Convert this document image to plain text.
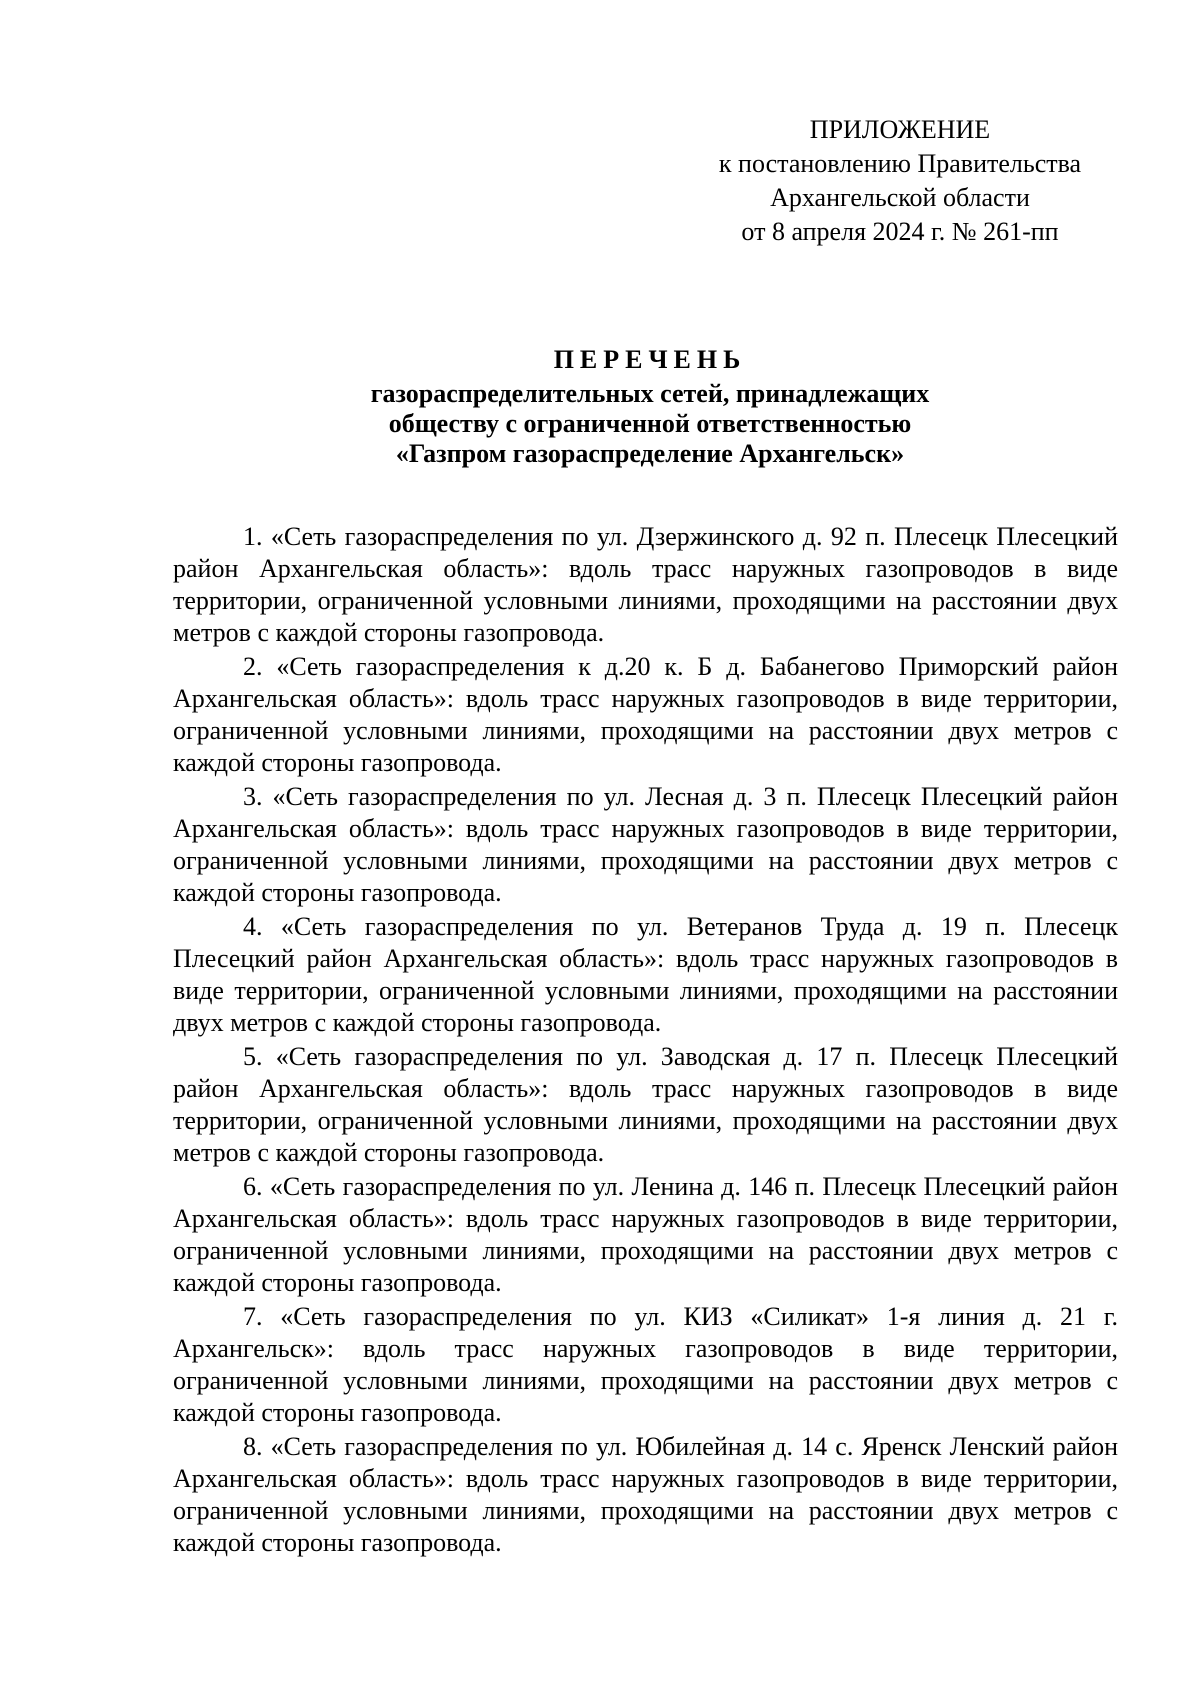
ПРИЛОЖЕНИЕ
к постановлению Правительства
Архангельской области
от 8 апреля 2024 г. № 261-пп
ПЕРЕЧЕНЬ
газораспределительных сетей, принадлежащих
обществу с ограниченной ответственностью
«Газпром газораспределение Архангельск»

1. «Сеть газораспределения по ул. Дзержинского д. 92 п. Плесецк Плесецкий район Архангельская область»: вдоль трасс наружных газопроводов в виде территории, ограниченной условными линиями, проходящими на расстоянии двух метров с каждой стороны газопровода.

2. «Сеть газораспределения к д.20 к. Б д. Бабанегово Приморский район Архангельская область»: вдоль трасс наружных газопроводов в виде территории, ограниченной условными линиями, проходящими на расстоянии двух метров с каждой стороны газопровода.

3. «Сеть газораспределения по ул. Лесная д. 3 п. Плесецк Плесецкий район Архангельская область»: вдоль трасс наружных газопроводов в виде территории, ограниченной условными линиями, проходящими на расстоянии двух метров с каждой стороны газопровода.

4. «Сеть газораспределения по ул. Ветеранов Труда д. 19 п. Плесецк Плесецкий район Архангельская область»: вдоль трасс наружных газопроводов в виде территории, ограниченной условными линиями, проходящими на расстоянии двух метров с каждой стороны газопровода.

5. «Сеть газораспределения по ул. Заводская д. 17 п. Плесецк Плесецкий район Архангельская область»: вдоль трасс наружных газопроводов в виде территории, ограниченной условными линиями, проходящими на расстоянии двух метров с каждой стороны газопровода.

6. «Сеть газораспределения по ул. Ленина д. 146 п. Плесецк Плесецкий район Архангельская область»: вдоль трасс наружных газопроводов в виде территории, ограниченной условными линиями, проходящими на расстоянии двух метров с каждой стороны газопровода.

7. «Сеть газораспределения по ул. КИЗ «Силикат» 1-я линия д. 21 г. Архангельск»: вдоль трасс наружных газопроводов в виде территории, ограниченной условными линиями, проходящими на расстоянии двух метров с каждой стороны газопровода.

8. «Сеть газораспределения по ул. Юбилейная д. 14 с. Яренск Ленский район Архангельская область»: вдоль трасс наружных газопроводов в виде территории, ограниченной условными линиями, проходящими на расстоянии двух метров с каждой стороны газопровода.
